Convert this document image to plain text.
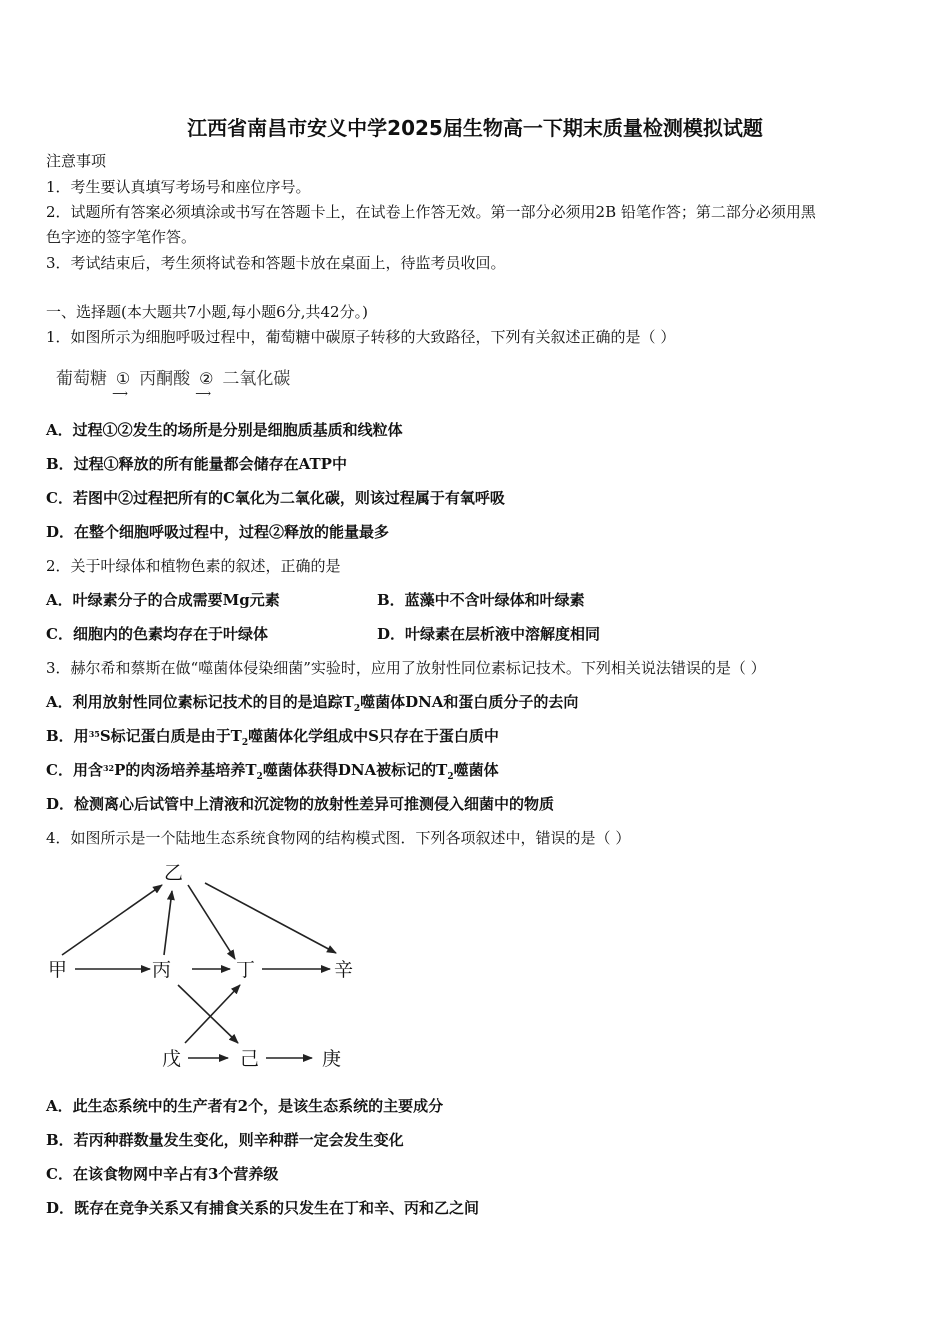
江西省南昌市安义中学2025届生物高一下期末质量检测模拟试题
注意事项
1．考生要认真填写考场号和座位序号。
2．试题所有答案必须填涂或书写在答题卡上，在试卷上作答无效。第一部分必须用2B 铅笔作答；第二部分必须用黑
色字迹的签字笔作答。
3．考试结束后，考生须将试卷和答题卡放在桌面上，待监考员收回。
一、选择题(本大题共7小题,每小题6分,共42分。)
1．如图所示为细胞呼吸过程中，葡萄糖中碳原子转移的大致路径，下列有关叙述正确的是（ ）
葡萄糖 ①
⟶
丙酮酸 ②
⟶
二氧化碳
A．过程①②发生的场所是分别是细胞质基质和线粒体
B．过程①释放的所有能量都会储存在ATP中
C．若图中②过程把所有的C氧化为二氧化碳，则该过程属于有氧呼吸
D．在整个细胞呼吸过程中，过程②释放的能量最多
2．关于叶绿体和植物色素的叙述，正确的是
A．叶绿素分子的合成需要Mg元素	B．蓝藻中不含叶绿体和叶绿素
C．细胞内的色素均存在于叶绿体	D．叶绿素在层析液中溶解度相同
3．赫尔希和蔡斯在做“噬菌体侵染细菌”实验时，应用了放射性同位素标记技术。下列相关说法错误的是（ ）
A．利用放射性同位素标记技术的目的是追踪$T_2$噬菌体DNA和蛋白质分子的去向
B．用$^{35}$S标记蛋白质是由于$T_2$噬菌体化学组成中S只存在于蛋白质中
C．用含$^{32}$P的肉汤培养基培养$T_2$噬菌体获得DNA被标记的$T_2$噬菌体
D．检测离心后试管中上清液和沉淀物的放射性差异可推测侵入细菌中的物质
4．如图所示是一个陆地生态系统食物网的结构模式图．下列各项叙述中，错误的是（ ）
乙
甲	丙	丁	辛
戊	己	庚
A．此生态系统中的生产者有2个，是该生态系统的主要成分
B．若丙种群数量发生变化，则辛种群一定会发生变化
C．在该食物网中辛占有3个营养级
D．既存在竞争关系又有捕食关系的只发生在丁和辛、丙和乙之间
